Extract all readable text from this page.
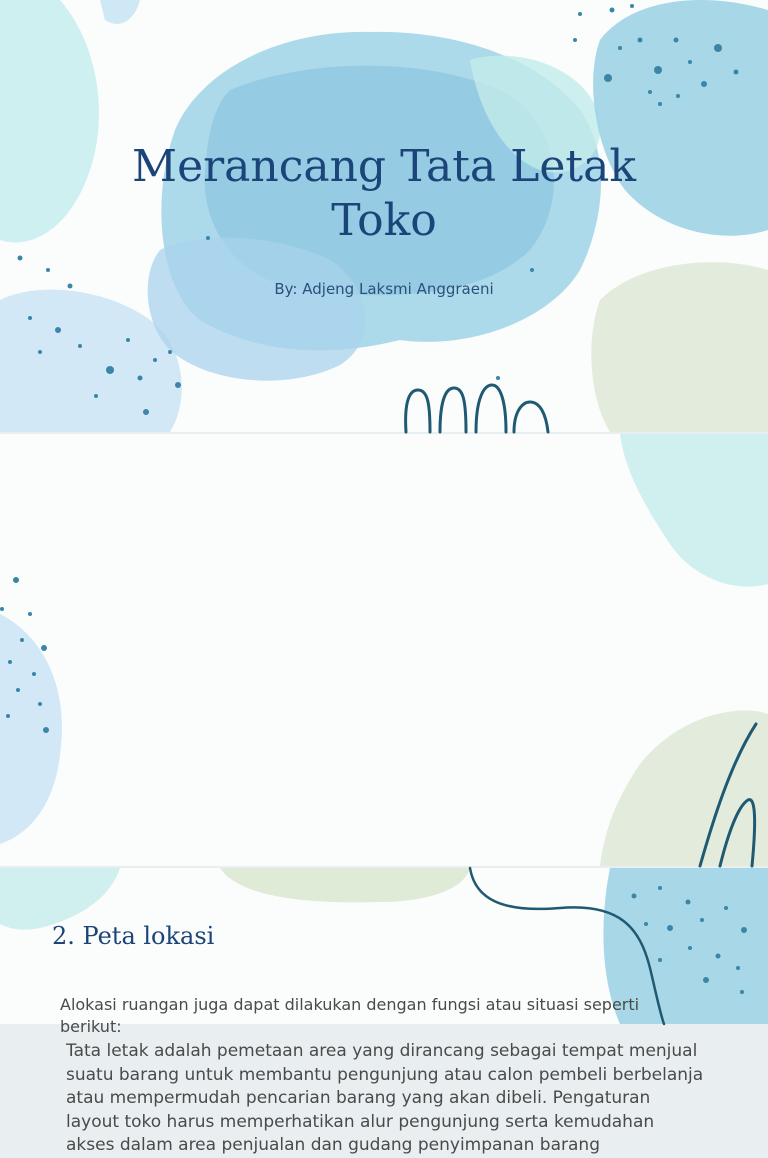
Merancang Tata Letak Toko
By: Adjeng Laksmi Anggraeni

Tata letak adalah pemetaan area yang dirancang sebagai tempat menjual suatu barang untuk membantu pengunjung atau calon pembeli berbelanja atau mempermudah pencarian barang yang akan dibeli. Pengaturan layout toko harus memperhatikan alur pengunjung serta kemudahan akses dalam area penjualan dan gudang penyimpanan barang

2. Peta lokasi

Alokasi ruangan juga dapat dilakukan dengan fungsi atau situasi seperti berikut:
